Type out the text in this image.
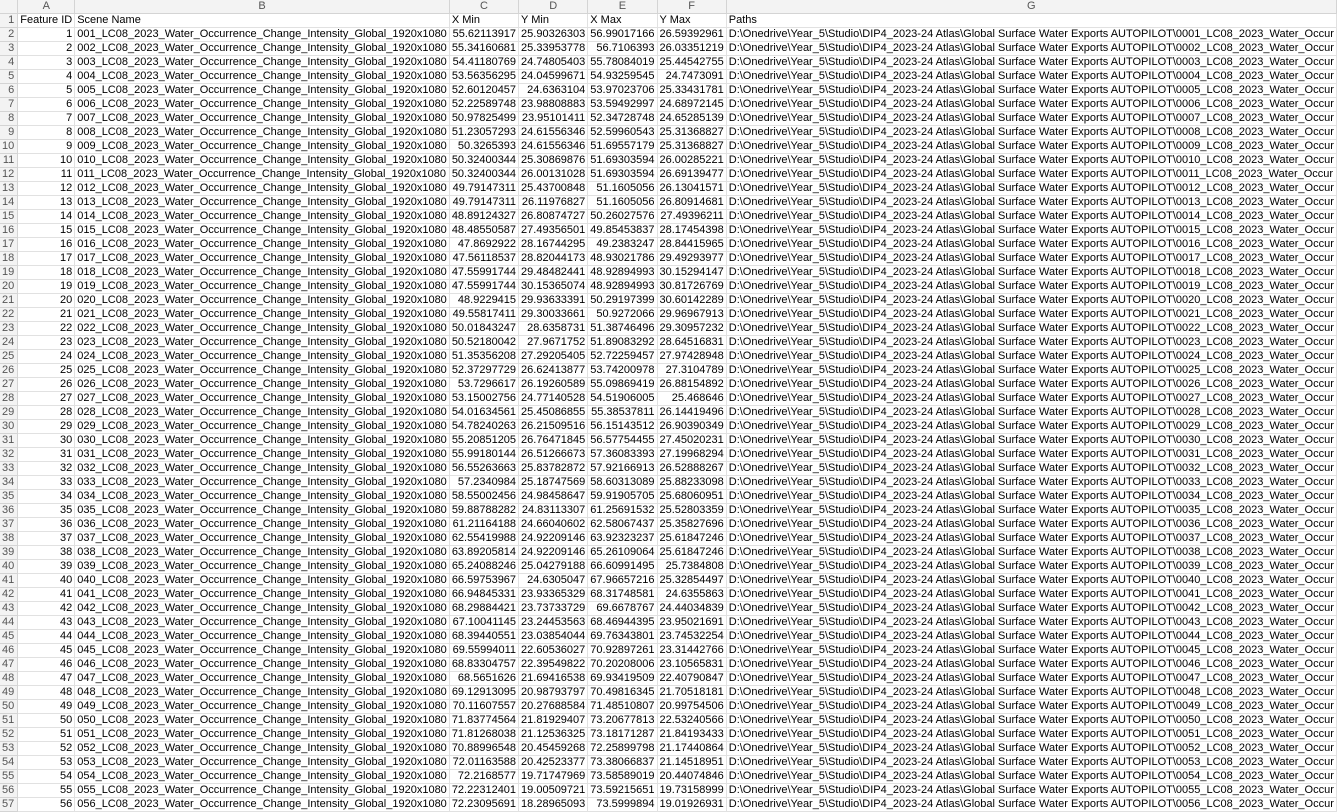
	A	B	C	D	E	F	G
1	Feature ID	Scene Name	X Min	Y Min	X Max	Y Max	Paths
2	1	001_LC08_2023_Water_Occurrence_Change_Intensity_Global_1920x1080	55.62113917	25.90326303	56.99017166	26.59392961	D:\Onedrive\Year_5\Studio\DIP4_2023-24 Atlas\Global Surface Water Exports AUTOPILOT\0001_LC08_2023_Water_Occur
3	2	002_LC08_2023_Water_Occurrence_Change_Intensity_Global_1920x1080	55.34160681	25.33953778	56.7106393	26.03351219	D:\Onedrive\Year_5\Studio\DIP4_2023-24 Atlas\Global Surface Water Exports AUTOPILOT\0002_LC08_2023_Water_Occur
4	3	003_LC08_2023_Water_Occurrence_Change_Intensity_Global_1920x1080	54.41180769	24.74805403	55.78084019	25.44542755	D:\Onedrive\Year_5\Studio\DIP4_2023-24 Atlas\Global Surface Water Exports AUTOPILOT\0003_LC08_2023_Water_Occur
5	4	004_LC08_2023_Water_Occurrence_Change_Intensity_Global_1920x1080	53.56356295	24.04599671	54.93259545	24.7473091	D:\Onedrive\Year_5\Studio\DIP4_2023-24 Atlas\Global Surface Water Exports AUTOPILOT\0004_LC08_2023_Water_Occur
6	5	005_LC08_2023_Water_Occurrence_Change_Intensity_Global_1920x1080	52.60120457	24.6363104	53.97023706	25.33431781	D:\Onedrive\Year_5\Studio\DIP4_2023-24 Atlas\Global Surface Water Exports AUTOPILOT\0005_LC08_2023_Water_Occur
7	6	006_LC08_2023_Water_Occurrence_Change_Intensity_Global_1920x1080	52.22589748	23.98808883	53.59492997	24.68972145	D:\Onedrive\Year_5\Studio\DIP4_2023-24 Atlas\Global Surface Water Exports AUTOPILOT\0006_LC08_2023_Water_Occur
8	7	007_LC08_2023_Water_Occurrence_Change_Intensity_Global_1920x1080	50.97825499	23.95101411	52.34728748	24.65285139	D:\Onedrive\Year_5\Studio\DIP4_2023-24 Atlas\Global Surface Water Exports AUTOPILOT\0007_LC08_2023_Water_Occur
9	8	008_LC08_2023_Water_Occurrence_Change_Intensity_Global_1920x1080	51.23057293	24.61556346	52.59960543	25.31368827	D:\Onedrive\Year_5\Studio\DIP4_2023-24 Atlas\Global Surface Water Exports AUTOPILOT\0008_LC08_2023_Water_Occur
10	9	009_LC08_2023_Water_Occurrence_Change_Intensity_Global_1920x1080	50.3265393	24.61556346	51.69557179	25.31368827	D:\Onedrive\Year_5\Studio\DIP4_2023-24 Atlas\Global Surface Water Exports AUTOPILOT\0009_LC08_2023_Water_Occur
11	10	010_LC08_2023_Water_Occurrence_Change_Intensity_Global_1920x1080	50.32400344	25.30869876	51.69303594	26.00285221	D:\Onedrive\Year_5\Studio\DIP4_2023-24 Atlas\Global Surface Water Exports AUTOPILOT\0010_LC08_2023_Water_Occur
12	11	011_LC08_2023_Water_Occurrence_Change_Intensity_Global_1920x1080	50.32400344	26.00131028	51.69303594	26.69139477	D:\Onedrive\Year_5\Studio\DIP4_2023-24 Atlas\Global Surface Water Exports AUTOPILOT\0011_LC08_2023_Water_Occur
13	12	012_LC08_2023_Water_Occurrence_Change_Intensity_Global_1920x1080	49.79147311	25.43700848	51.1605056	26.13041571	D:\Onedrive\Year_5\Studio\DIP4_2023-24 Atlas\Global Surface Water Exports AUTOPILOT\0012_LC08_2023_Water_Occur
14	13	013_LC08_2023_Water_Occurrence_Change_Intensity_Global_1920x1080	49.79147311	26.11976827	51.1605056	26.80914681	D:\Onedrive\Year_5\Studio\DIP4_2023-24 Atlas\Global Surface Water Exports AUTOPILOT\0013_LC08_2023_Water_Occur
15	14	014_LC08_2023_Water_Occurrence_Change_Intensity_Global_1920x1080	48.89124327	26.80874727	50.26027576	27.49396211	D:\Onedrive\Year_5\Studio\DIP4_2023-24 Atlas\Global Surface Water Exports AUTOPILOT\0014_LC08_2023_Water_Occur
16	15	015_LC08_2023_Water_Occurrence_Change_Intensity_Global_1920x1080	48.48550587	27.49356501	49.85453837	28.17454398	D:\Onedrive\Year_5\Studio\DIP4_2023-24 Atlas\Global Surface Water Exports AUTOPILOT\0015_LC08_2023_Water_Occur
17	16	016_LC08_2023_Water_Occurrence_Change_Intensity_Global_1920x1080	47.8692922	28.16744295	49.2383247	28.84415965	D:\Onedrive\Year_5\Studio\DIP4_2023-24 Atlas\Global Surface Water Exports AUTOPILOT\0016_LC08_2023_Water_Occur
18	17	017_LC08_2023_Water_Occurrence_Change_Intensity_Global_1920x1080	47.56118537	28.82044173	48.93021786	29.49293977	D:\Onedrive\Year_5\Studio\DIP4_2023-24 Atlas\Global Surface Water Exports AUTOPILOT\0017_LC08_2023_Water_Occur
19	18	018_LC08_2023_Water_Occurrence_Change_Intensity_Global_1920x1080	47.55991744	29.48482441	48.92894993	30.15294147	D:\Onedrive\Year_5\Studio\DIP4_2023-24 Atlas\Global Surface Water Exports AUTOPILOT\0018_LC08_2023_Water_Occur
20	19	019_LC08_2023_Water_Occurrence_Change_Intensity_Global_1920x1080	47.55991744	30.15365074	48.92894993	30.81726769	D:\Onedrive\Year_5\Studio\DIP4_2023-24 Atlas\Global Surface Water Exports AUTOPILOT\0019_LC08_2023_Water_Occur
21	20	020_LC08_2023_Water_Occurrence_Change_Intensity_Global_1920x1080	48.9229415	29.93633391	50.29197399	30.60142289	D:\Onedrive\Year_5\Studio\DIP4_2023-24 Atlas\Global Surface Water Exports AUTOPILOT\0020_LC08_2023_Water_Occur
22	21	021_LC08_2023_Water_Occurrence_Change_Intensity_Global_1920x1080	49.55817411	29.30033661	50.9272066	29.96967913	D:\Onedrive\Year_5\Studio\DIP4_2023-24 Atlas\Global Surface Water Exports AUTOPILOT\0021_LC08_2023_Water_Occur
23	22	022_LC08_2023_Water_Occurrence_Change_Intensity_Global_1920x1080	50.01843247	28.6358731	51.38746496	29.30957232	D:\Onedrive\Year_5\Studio\DIP4_2023-24 Atlas\Global Surface Water Exports AUTOPILOT\0022_LC08_2023_Water_Occur
24	23	023_LC08_2023_Water_Occurrence_Change_Intensity_Global_1920x1080	50.52180042	27.9671752	51.89083292	28.64516831	D:\Onedrive\Year_5\Studio\DIP4_2023-24 Atlas\Global Surface Water Exports AUTOPILOT\0023_LC08_2023_Water_Occur
25	24	024_LC08_2023_Water_Occurrence_Change_Intensity_Global_1920x1080	51.35356208	27.29205405	52.72259457	27.97428948	D:\Onedrive\Year_5\Studio\DIP4_2023-24 Atlas\Global Surface Water Exports AUTOPILOT\0024_LC08_2023_Water_Occur
26	25	025_LC08_2023_Water_Occurrence_Change_Intensity_Global_1920x1080	52.37297729	26.62413877	53.74200978	27.3104789	D:\Onedrive\Year_5\Studio\DIP4_2023-24 Atlas\Global Surface Water Exports AUTOPILOT\0025_LC08_2023_Water_Occur
27	26	026_LC08_2023_Water_Occurrence_Change_Intensity_Global_1920x1080	53.7296617	26.19260589	55.09869419	26.88154892	D:\Onedrive\Year_5\Studio\DIP4_2023-24 Atlas\Global Surface Water Exports AUTOPILOT\0026_LC08_2023_Water_Occur
28	27	027_LC08_2023_Water_Occurrence_Change_Intensity_Global_1920x1080	53.15002756	24.77140528	54.51906005	25.468646	D:\Onedrive\Year_5\Studio\DIP4_2023-24 Atlas\Global Surface Water Exports AUTOPILOT\0027_LC08_2023_Water_Occur
29	28	028_LC08_2023_Water_Occurrence_Change_Intensity_Global_1920x1080	54.01634561	25.45086855	55.38537811	26.14419496	D:\Onedrive\Year_5\Studio\DIP4_2023-24 Atlas\Global Surface Water Exports AUTOPILOT\0028_LC08_2023_Water_Occur
30	29	029_LC08_2023_Water_Occurrence_Change_Intensity_Global_1920x1080	54.78240263	26.21509516	56.15143512	26.90390349	D:\Onedrive\Year_5\Studio\DIP4_2023-24 Atlas\Global Surface Water Exports AUTOPILOT\0029_LC08_2023_Water_Occur
31	30	030_LC08_2023_Water_Occurrence_Change_Intensity_Global_1920x1080	55.20851205	26.76471845	56.57754455	27.45020231	D:\Onedrive\Year_5\Studio\DIP4_2023-24 Atlas\Global Surface Water Exports AUTOPILOT\0030_LC08_2023_Water_Occur
32	31	031_LC08_2023_Water_Occurrence_Change_Intensity_Global_1920x1080	55.99180144	26.51266673	57.36083393	27.19968294	D:\Onedrive\Year_5\Studio\DIP4_2023-24 Atlas\Global Surface Water Exports AUTOPILOT\0031_LC08_2023_Water_Occur
33	32	032_LC08_2023_Water_Occurrence_Change_Intensity_Global_1920x1080	56.55263663	25.83782872	57.92166913	26.52888267	D:\Onedrive\Year_5\Studio\DIP4_2023-24 Atlas\Global Surface Water Exports AUTOPILOT\0032_LC08_2023_Water_Occur
34	33	033_LC08_2023_Water_Occurrence_Change_Intensity_Global_1920x1080	57.2340984	25.18747569	58.60313089	25.88233098	D:\Onedrive\Year_5\Studio\DIP4_2023-24 Atlas\Global Surface Water Exports AUTOPILOT\0033_LC08_2023_Water_Occur
35	34	034_LC08_2023_Water_Occurrence_Change_Intensity_Global_1920x1080	58.55002456	24.98458647	59.91905705	25.68060951	D:\Onedrive\Year_5\Studio\DIP4_2023-24 Atlas\Global Surface Water Exports AUTOPILOT\0034_LC08_2023_Water_Occur
36	35	035_LC08_2023_Water_Occurrence_Change_Intensity_Global_1920x1080	59.88788282	24.83113307	61.25691532	25.52803359	D:\Onedrive\Year_5\Studio\DIP4_2023-24 Atlas\Global Surface Water Exports AUTOPILOT\0035_LC08_2023_Water_Occur
37	36	036_LC08_2023_Water_Occurrence_Change_Intensity_Global_1920x1080	61.21164188	24.66040602	62.58067437	25.35827696	D:\Onedrive\Year_5\Studio\DIP4_2023-24 Atlas\Global Surface Water Exports AUTOPILOT\0036_LC08_2023_Water_Occur
38	37	037_LC08_2023_Water_Occurrence_Change_Intensity_Global_1920x1080	62.55419988	24.92209146	63.92323237	25.61847246	D:\Onedrive\Year_5\Studio\DIP4_2023-24 Atlas\Global Surface Water Exports AUTOPILOT\0037_LC08_2023_Water_Occur
39	38	038_LC08_2023_Water_Occurrence_Change_Intensity_Global_1920x1080	63.89205814	24.92209146	65.26109064	25.61847246	D:\Onedrive\Year_5\Studio\DIP4_2023-24 Atlas\Global Surface Water Exports AUTOPILOT\0038_LC08_2023_Water_Occur
40	39	039_LC08_2023_Water_Occurrence_Change_Intensity_Global_1920x1080	65.24088246	25.04279188	66.60991495	25.7384808	D:\Onedrive\Year_5\Studio\DIP4_2023-24 Atlas\Global Surface Water Exports AUTOPILOT\0039_LC08_2023_Water_Occur
41	40	040_LC08_2023_Water_Occurrence_Change_Intensity_Global_1920x1080	66.59753967	24.6305047	67.96657216	25.32854497	D:\Onedrive\Year_5\Studio\DIP4_2023-24 Atlas\Global Surface Water Exports AUTOPILOT\0040_LC08_2023_Water_Occur
42	41	041_LC08_2023_Water_Occurrence_Change_Intensity_Global_1920x1080	66.94845331	23.93365329	68.31748581	24.6355863	D:\Onedrive\Year_5\Studio\DIP4_2023-24 Atlas\Global Surface Water Exports AUTOPILOT\0041_LC08_2023_Water_Occur
43	42	042_LC08_2023_Water_Occurrence_Change_Intensity_Global_1920x1080	68.29884421	23.73733729	69.6678767	24.44034839	D:\Onedrive\Year_5\Studio\DIP4_2023-24 Atlas\Global Surface Water Exports AUTOPILOT\0042_LC08_2023_Water_Occur
44	43	043_LC08_2023_Water_Occurrence_Change_Intensity_Global_1920x1080	67.10041145	23.24453563	68.46944395	23.95021691	D:\Onedrive\Year_5\Studio\DIP4_2023-24 Atlas\Global Surface Water Exports AUTOPILOT\0043_LC08_2023_Water_Occur
45	44	044_LC08_2023_Water_Occurrence_Change_Intensity_Global_1920x1080	68.39440551	23.03854044	69.76343801	23.74532254	D:\Onedrive\Year_5\Studio\DIP4_2023-24 Atlas\Global Surface Water Exports AUTOPILOT\0044_LC08_2023_Water_Occur
46	45	045_LC08_2023_Water_Occurrence_Change_Intensity_Global_1920x1080	69.55994011	22.60536027	70.92897261	23.31442766	D:\Onedrive\Year_5\Studio\DIP4_2023-24 Atlas\Global Surface Water Exports AUTOPILOT\0045_LC08_2023_Water_Occur
47	46	046_LC08_2023_Water_Occurrence_Change_Intensity_Global_1920x1080	68.83304757	22.39549822	70.20208006	23.10565831	D:\Onedrive\Year_5\Studio\DIP4_2023-24 Atlas\Global Surface Water Exports AUTOPILOT\0046_LC08_2023_Water_Occur
48	47	047_LC08_2023_Water_Occurrence_Change_Intensity_Global_1920x1080	68.5651626	21.69416538	69.93419509	22.40790847	D:\Onedrive\Year_5\Studio\DIP4_2023-24 Atlas\Global Surface Water Exports AUTOPILOT\0047_LC08_2023_Water_Occur
49	48	048_LC08_2023_Water_Occurrence_Change_Intensity_Global_1920x1080	69.12913095	20.98793797	70.49816345	21.70518181	D:\Onedrive\Year_5\Studio\DIP4_2023-24 Atlas\Global Surface Water Exports AUTOPILOT\0048_LC08_2023_Water_Occur
50	49	049_LC08_2023_Water_Occurrence_Change_Intensity_Global_1920x1080	70.11607557	20.27688584	71.48510807	20.99754506	D:\Onedrive\Year_5\Studio\DIP4_2023-24 Atlas\Global Surface Water Exports AUTOPILOT\0049_LC08_2023_Water_Occur
51	50	050_LC08_2023_Water_Occurrence_Change_Intensity_Global_1920x1080	71.83774564	21.81929407	73.20677813	22.53240566	D:\Onedrive\Year_5\Studio\DIP4_2023-24 Atlas\Global Surface Water Exports AUTOPILOT\0050_LC08_2023_Water_Occur
52	51	051_LC08_2023_Water_Occurrence_Change_Intensity_Global_1920x1080	71.81268038	21.12536325	73.18171287	21.84193433	D:\Onedrive\Year_5\Studio\DIP4_2023-24 Atlas\Global Surface Water Exports AUTOPILOT\0051_LC08_2023_Water_Occur
53	52	052_LC08_2023_Water_Occurrence_Change_Intensity_Global_1920x1080	70.88996548	20.45459268	72.25899798	21.17440864	D:\Onedrive\Year_5\Studio\DIP4_2023-24 Atlas\Global Surface Water Exports AUTOPILOT\0052_LC08_2023_Water_Occur
54	53	053_LC08_2023_Water_Occurrence_Change_Intensity_Global_1920x1080	72.01163588	20.42523377	73.38066837	21.14518951	D:\Onedrive\Year_5\Studio\DIP4_2023-24 Atlas\Global Surface Water Exports AUTOPILOT\0053_LC08_2023_Water_Occur
55	54	054_LC08_2023_Water_Occurrence_Change_Intensity_Global_1920x1080	72.2168577	19.71747969	73.58589019	20.44074846	D:\Onedrive\Year_5\Studio\DIP4_2023-24 Atlas\Global Surface Water Exports AUTOPILOT\0054_LC08_2023_Water_Occur
56	55	055_LC08_2023_Water_Occurrence_Change_Intensity_Global_1920x1080	72.22312401	19.00509721	73.59215651	19.73158999	D:\Onedrive\Year_5\Studio\DIP4_2023-24 Atlas\Global Surface Water Exports AUTOPILOT\0055_LC08_2023_Water_Occur
57	56	056_LC08_2023_Water_Occurrence_Change_Intensity_Global_1920x1080	72.23095691	18.28965093	73.5999894	19.01926931	D:\Onedrive\Year_5\Studio\DIP4_2023-24 Atlas\Global Surface Water Exports AUTOPILOT\0056_LC08_2023_Water_Occur
